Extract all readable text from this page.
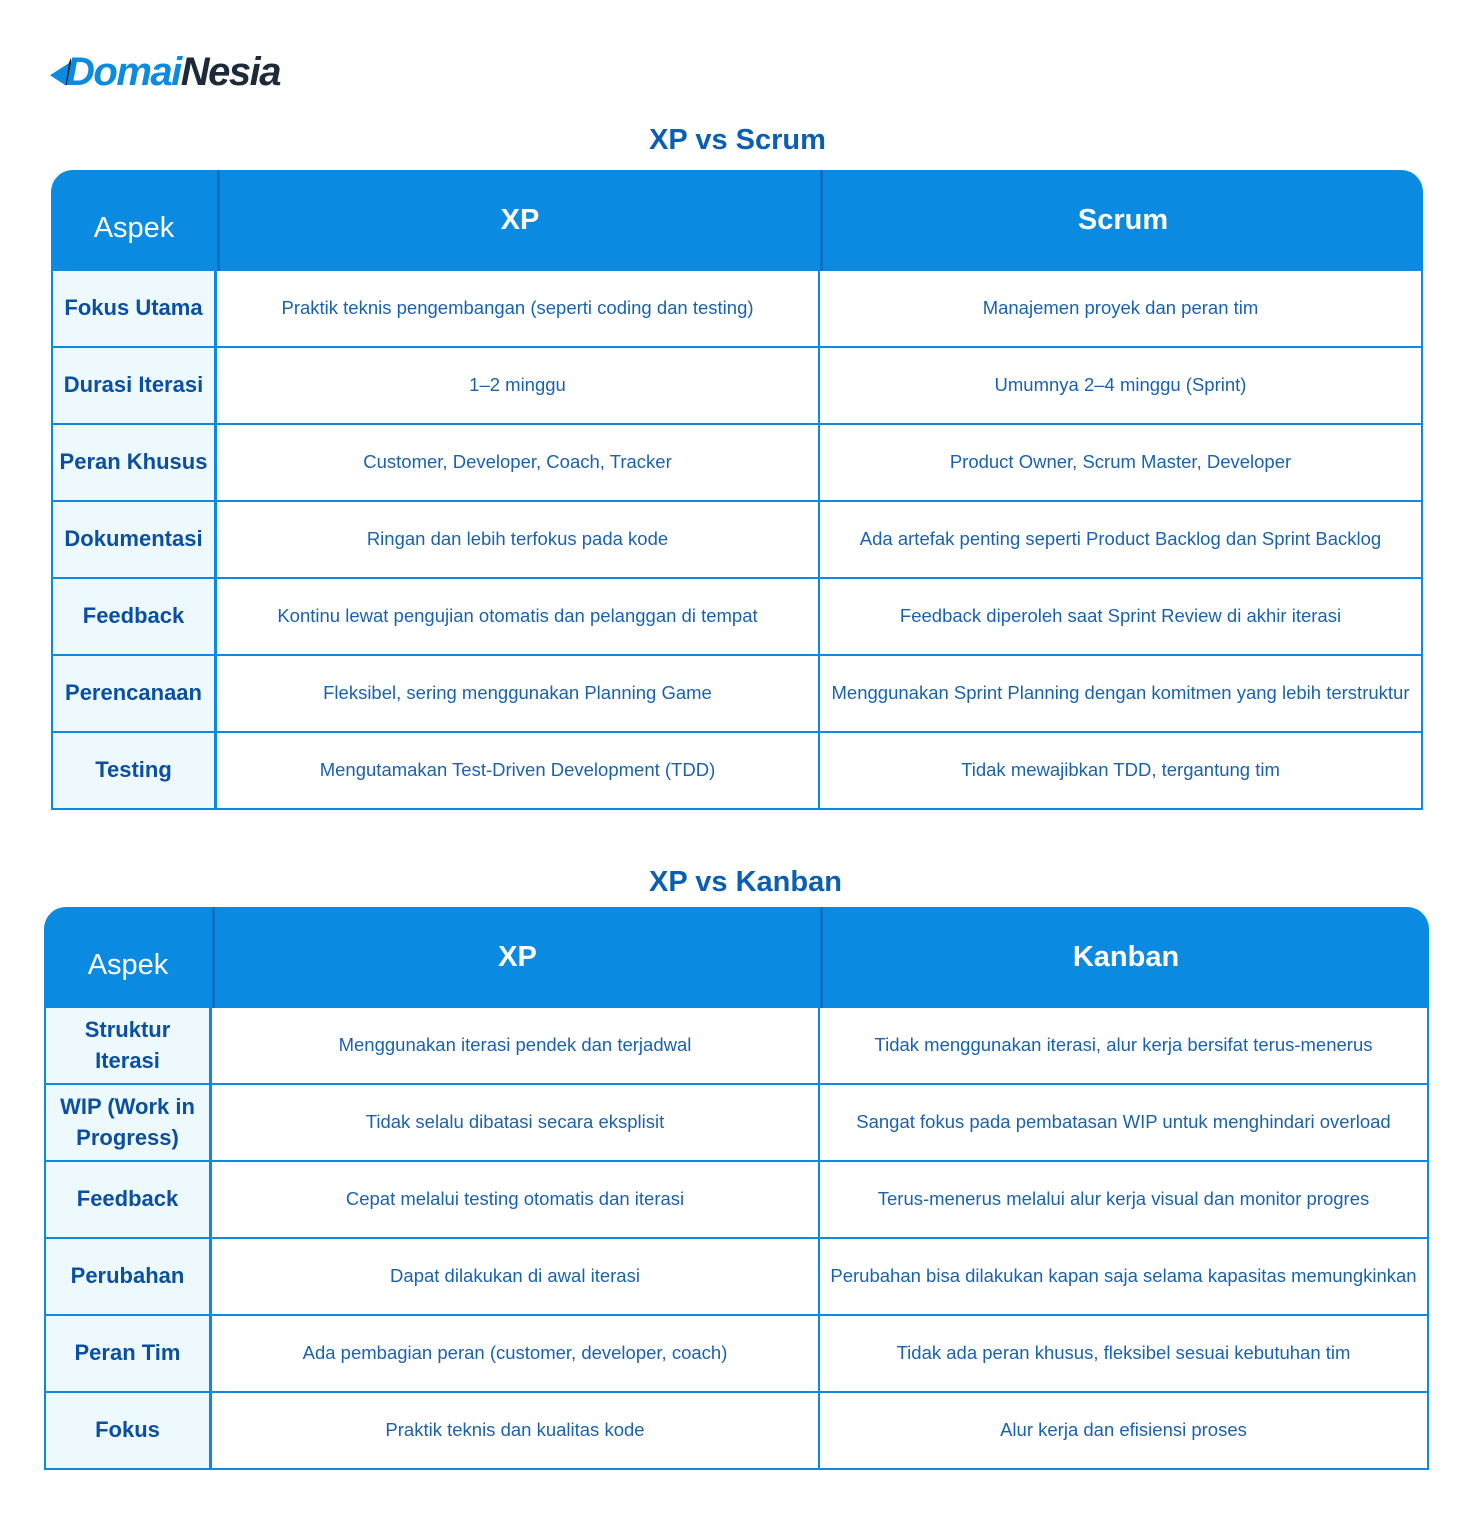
DomaiNesia
XP vs Scrum
Aspek	XP	Scrum
Fokus Utama	Praktik teknis pengembangan (seperti coding dan testing)	Manajemen proyek dan peran tim
Durasi Iterasi	1–2 minggu	Umumnya 2–4 minggu (Sprint)
Peran Khusus	Customer, Developer, Coach, Tracker	Product Owner, Scrum Master, Developer
Dokumentasi	Ringan dan lebih terfokus pada kode	Ada artefak penting seperti Product Backlog dan Sprint Backlog
Feedback	Kontinu lewat pengujian otomatis dan pelanggan di tempat	Feedback diperoleh saat Sprint Review di akhir iterasi
Perencanaan	Fleksibel, sering menggunakan Planning Game	Menggunakan Sprint Planning dengan komitmen yang lebih terstruktur
Testing	Mengutamakan Test-Driven Development (TDD)	Tidak mewajibkan TDD, tergantung tim
XP vs Kanban
Aspek	XP	Kanban
Struktur Iterasi	Menggunakan iterasi pendek dan terjadwal	Tidak menggunakan iterasi, alur kerja bersifat terus-menerus
WIP (Work in Progress)	Tidak selalu dibatasi secara eksplisit	Sangat fokus pada pembatasan WIP untuk menghindari overload
Feedback	Cepat melalui testing otomatis dan iterasi	Terus-menerus melalui alur kerja visual dan monitor progres
Perubahan	Dapat dilakukan di awal iterasi	Perubahan bisa dilakukan kapan saja selama kapasitas memungkinkan
Peran Tim	Ada pembagian peran (customer, developer, coach)	Tidak ada peran khusus, fleksibel sesuai kebutuhan tim
Fokus	Praktik teknis dan kualitas kode	Alur kerja dan efisiensi proses
